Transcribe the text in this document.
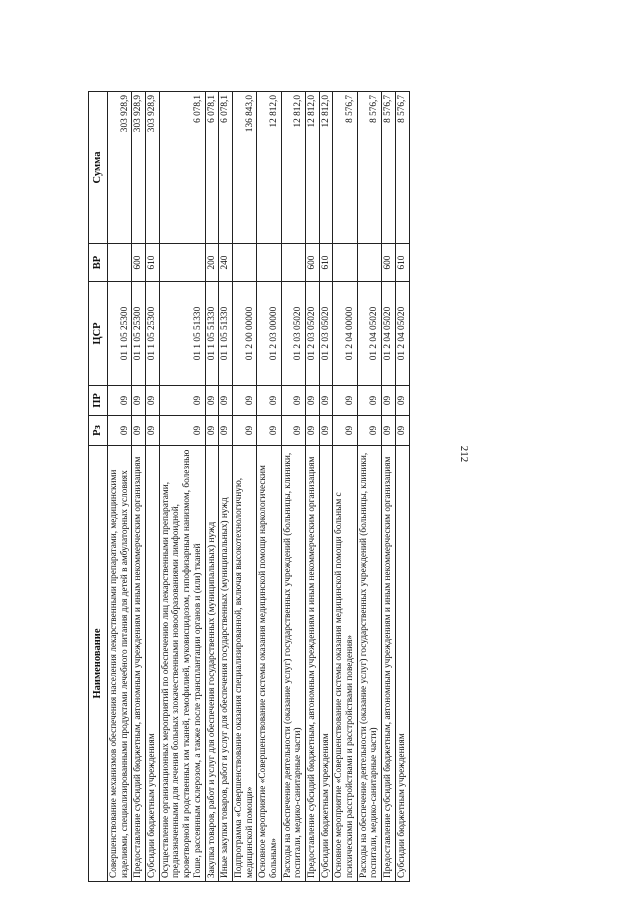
212
Наименование	Рз	ПР	ЦСР	ВР	Сумма
Совершенствование механизмов обеспечения населения лекарственными препаратами, медицинскими изделиями, специализированными продуктами лечебного питания для детей в амбулаторных условиях	09	09	01 1 05 25300		303 928,9
Предоставление субсидий бюджетным, автономным учреждениям и иным некоммерческим организациям	09	09	01 1 05 25300	600	303 928,9
Субсидии бюджетным учреждениям	09	09	01 1 05 25300	610	303 928,9
Осуществление организационных мероприятий по обеспечению лиц лекарственными препаратами, предназначенными для лечения больных злокачественными новообразованиями лимфоидной, кроветворной и родственных им тканей, гемофилией, муковисцидозом, гипофизарным нанизмом, болезнью Гоше, рассеянным склерозом, а также после трансплантации органов и (или) тканей	09	09	01 1 05 51330		6 078,1
Закупка товаров, работ и услуг для обеспечения государственных (муниципальных) нужд	09	09	01 1 05 51330	200	6 078,1
Иные закупки товаров, работ и услуг для обеспечения государственных (муниципальных) нужд	09	09	01 1 05 51330	240	6 078,1
Подпрограмма «Совершенствование оказания специализированной, включая высокотехнологичную, медицинской помощи»	09	09	01 2 00 00000		136 843,0
Основное мероприятие «Совершенствование системы оказания медицинской помощи наркологическим больным»	09	09	01 2 03 00000		12 812,0
Расходы на обеспечение деятельности (оказание услуг) государственных учреждений (больницы, клиники, госпитали, медико-санитарные части)	09	09	01 2 03 05020		12 812,0
Предоставление субсидий бюджетным, автономным учреждениям и иным некоммерческим организациям	09	09	01 2 03 05020	600	12 812,0
Субсидии бюджетным учреждениям	09	09	01 2 03 05020	610	12 812,0
Основное мероприятие «Совершенствование системы оказания медицинской помощи больным с психическими расстройствами и расстройствами поведения»	09	09	01 2 04 00000		8 576,7
Расходы на обеспечение деятельности (оказание услуг) государственных учреждений (больницы, клиники, госпитали, медико-санитарные части)	09	09	01 2 04 05020		8 576,7
Предоставление субсидий бюджетным, автономным учреждениям и иным некоммерческим организациям	09	09	01 2 04 05020	600	8 576,7
Субсидии бюджетным учреждениям	09	09	01 2 04 05020	610	8 576,7
